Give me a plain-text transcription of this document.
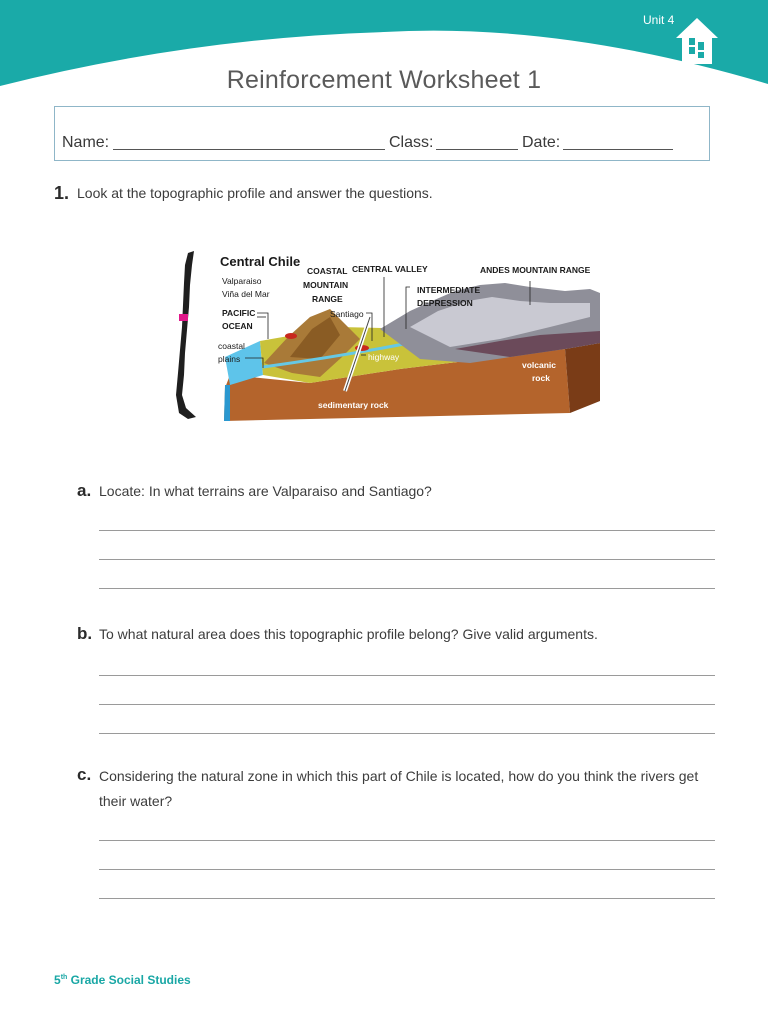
Unit 4
Reinforcement Worksheet 1
Name:	Class:	Date:
1. Look at the topographic profile and answer the questions.
Central Chile
COASTAL
MOUNTAIN
RANGE
CENTRAL VALLEY	ANDES MOUNTAIN RANGE
INTERMEDIATE
DEPRESSION
Valparaiso
Viña del Mar
PACIFIC
OCEAN
Santiago
coastal
plains	highway
volcanic
rock
sedimentary rock
a. Locate: In what terrains are Valparaiso and Santiago?
b. To what natural area does this topographic profile belong? Give valid arguments.
c. Considering the natural zone in which this part of Chile is located, how do you think the rivers get
their water?
5th Grade Social Studies
